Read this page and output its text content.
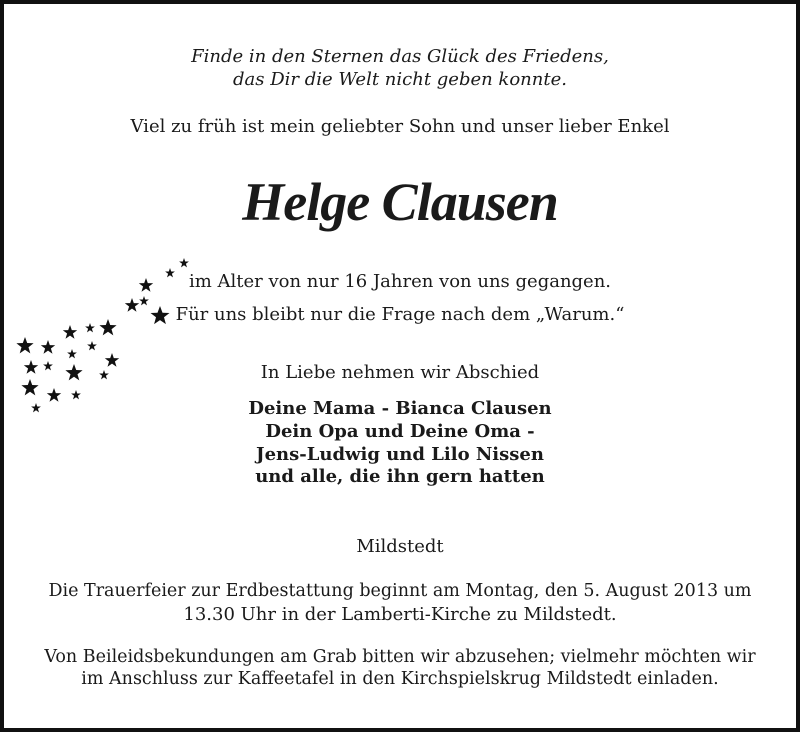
Finde in den Sternen das Glück des Friedens,
das Dir die Welt nicht geben konnte.
Viel zu früh ist mein geliebter Sohn und unser lieber Enkel
Helge Clausen
im Alter von nur 16 Jahren von uns gegangen.
Für uns bleibt nur die Frage nach dem „Warum.“
In Liebe nehmen wir Abschied
Deine Mama - Bianca Clausen
Dein Opa und Deine Oma -
Jens-Ludwig und Lilo Nissen
und alle, die ihn gern hatten
Mildstedt
Die Trauerfeier zur Erdbestattung beginnt am Montag, den 5. August 2013 um
13.30 Uhr in der Lamberti-Kirche zu Mildstedt.
Von Beileidsbekundungen am Grab bitten wir abzusehen; vielmehr möchten wir
im Anschluss zur Kaffeetafel in den Kirchspielskrug Mildstedt einladen.
